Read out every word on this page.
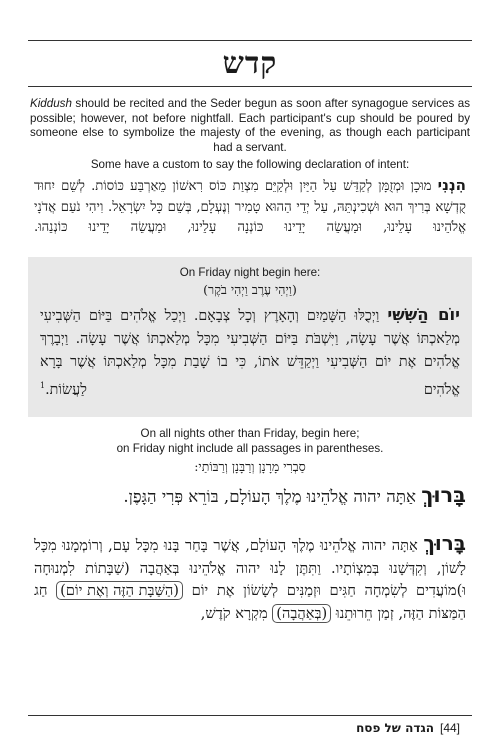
קדש
Kiddush should be recited and the Seder begun as soon after synagogue services as possible; however, not before nightfall. Each participant's cup should be poured by someone else to symbolize the majesty of the evening, as though each participant had a servant.
Some have a custom to say the following declaration of intent:
הִנְנִי מוּכָן וּמְזֻמָּן לְקַדֵּשׁ עַל הַיַּיִן וּלְקַיֵּם מִצְוַת כּוֹס רִאשׁוֹן מֵאַרְבַּע כּוֹסוֹת. לְשֵׁם יִחוּד קֻדְשָׁא בְּרִיךְ הוּא וּשְׁכִינְתֵּהּ, עַל יְדֵי הַהוּא טָמִיר וְנֶעְלָם, בְּשֵׁם כָּל יִשְׂרָאֵל. וִיהִי נֹעַם אֲדֹנָי אֱלֹהֵינוּ עָלֵינוּ, וּמַעֲשֵׂה יָדֵינוּ כּוֹנְנָה עָלֵינוּ, וּמַעֲשֵׂה יָדֵינוּ כּוֹנְנֵהוּ.
On Friday night begin here:
(וַיְהִי עֶרֶב וַיְהִי בֹקֶר)
יוֹם הַשִּׁשִּׁי וַיְכֻלּוּ הַשָּׁמַיִם וְהָאָרֶץ וְכָל צְבָאָם. וַיְכַל אֱלֹהִים בַּיּוֹם הַשְּׁבִיעִי מְלַאכְתּוֹ אֲשֶׁר עָשָׂה, וַיִּשְׁבֹּת בַּיּוֹם הַשְּׁבִיעִי מִכָּל מְלַאכְתּוֹ אֲשֶׁר עָשָׂה. וַיְבָרֶךְ אֱלֹהִים אֶת יוֹם הַשְּׁבִיעִי וַיְקַדֵּשׁ אֹתוֹ, כִּי בוֹ שָׁבַת מִכָּל מְלַאכְתּוֹ אֲשֶׁר בָּרָא אֱלֹהִים לַעֲשׂוֹת.$^1$
On all nights other than Friday, begin here;
on Friday night include all passages in parentheses.
סַבְרִי מָרָנָן וְרַבָּנָן וְרַבּוֹתַי:
בָּרוּךְ אַתָּה יהוה אֱלֹהֵינוּ מֶלֶךְ הָעוֹלָם, בּוֹרֵא פְּרִי הַגָּפֶן.
בָּרוּךְ אַתָּה יהוה אֱלֹהֵינוּ מֶלֶךְ הָעוֹלָם, אֲשֶׁר בָּחַר בָּנוּ מִכָּל עָם, וְרוֹמְמָנוּ מִכָּל לָשׁוֹן, וְקִדְּשָׁנוּ בְּמִצְוֹתָיו. וַתִּתֶּן לָנוּ יהוה אֱלֹהֵינוּ בְּאַהֲבָה (שַׁבָּתוֹת לִמְנוּחָה וּ)מוֹעֲדִים לְשִׂמְחָה חַגִּים וּזְמַנִּים לְשָׂשׂוֹן אֶת יוֹם (הַשַּׁבָּת הַזֶּה וְאֶת יוֹם) חַג הַמַּצּוֹת הַזֶּה, זְמַן חֵרוּתֵנוּ (בְּאַהֲבָה) מִקְרָא קֹדֶשׁ,
הגדה של פסח [44]
